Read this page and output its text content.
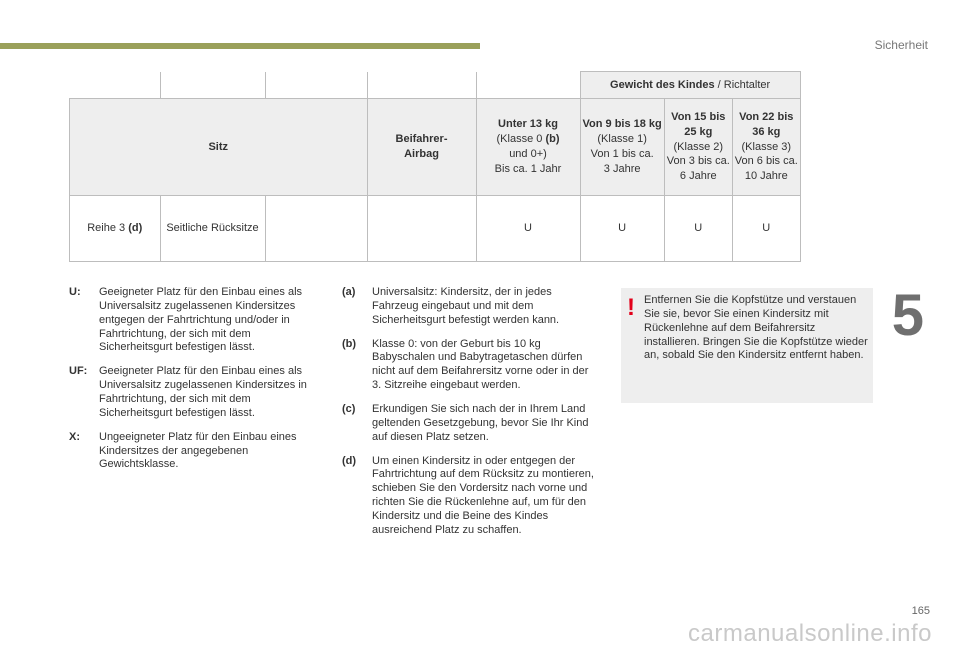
Sicherheit
5
					Gewicht des Kindes / Richtalter		
Sitz			Beifahrer-
Airbag	Unter 13 kg
(Klasse 0 (b)
und 0+)
Bis ca. 1 Jahr	Von 9 bis 18 kg
(Klasse 1)
Von 1 bis ca.
3 Jahre	Von 15 bis
25 kg
(Klasse 2)
Von 3 bis ca.
6 Jahre	Von 22 bis
36 kg
(Klasse 3)
Von 6 bis ca.
10 Jahre
Reihe 3 (d)	Seitliche Rücksitze			U	U	U	U
U: Geeigneter Platz für den Einbau eines als Universalsitz zugelassenen Kindersitzes entgegen der Fahrtrichtung und/oder in Fahrtrichtung, der sich mit dem Sicherheitsgurt befestigen lässt.
UF: Geeigneter Platz für den Einbau eines als Universalsitz zugelassenen Kindersitzes in Fahrtrichtung, der sich mit dem Sicherheitsgurt befestigen lässt.
X: Ungeeigneter Platz für den Einbau eines Kindersitzes der angegebenen Gewichtsklasse.
(a) Universalsitz: Kindersitz, der in jedes Fahrzeug eingebaut und mit dem Sicherheitsgurt befestigt werden kann.
(b) Klasse 0: von der Geburt bis 10 kg Babyschalen und Babytragetaschen dürfen nicht auf dem Beifahrersitz vorne oder in der 3. Sitzreihe eingebaut werden.
(c) Erkundigen Sie sich nach der in Ihrem Land geltenden Gesetzgebung, bevor Sie Ihr Kind auf diesen Platz setzen.
(d) Um einen Kindersitz in oder entgegen der Fahrtrichtung auf dem Rücksitz zu montieren, schieben Sie den Vordersitz nach vorne und richten Sie die Rückenlehne auf, um für den Kindersitz und die Beine des Kindes ausreichend Platz zu schaffen.
! Entfernen Sie die Kopfstütze und verstauen Sie sie, bevor Sie einen Kindersitz mit Rückenlehne auf dem Beifahrersitz installieren. Bringen Sie die Kopfstütze wieder an, sobald Sie den Kindersitz entfernt haben.
165
carmanualsonline.info
